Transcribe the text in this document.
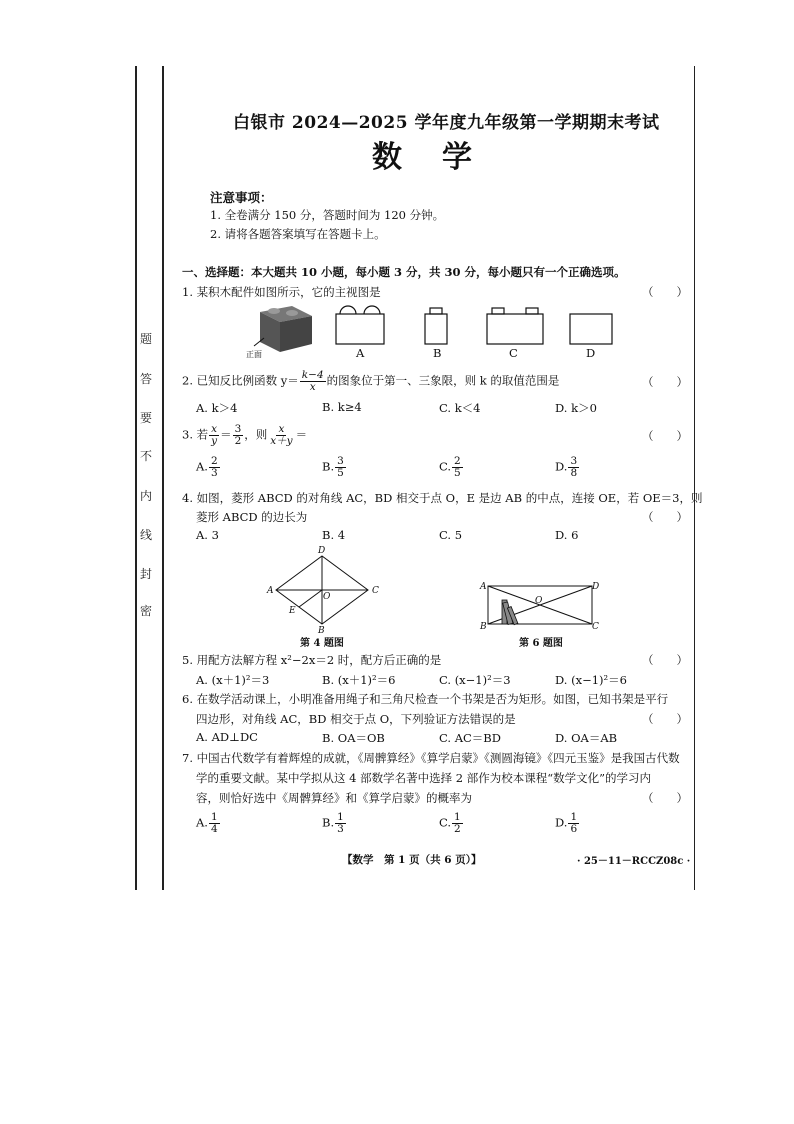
题
答
要
不
内
线
封
密
白银市 2024—2025 学年度九年级第一学期期末考试
数学
注意事项：
1. 全卷满分 150 分，答题时间为 120 分钟。
2. 请将各题答案填写在答题卡上。
一、选择题：本大题共 10 小题，每小题 3 分，共 30 分，每小题只有一个正确选项。
1. 某积木配件如图所示，它的主视图是	（　　）
正面	A	B	C	D
2. 已知反比例函数 $y= \frac{k-4}{x}$ 的图象位于第一、三象限，则 k 的取值范围是	（　　）
A. k＞4	B. k≥4	C. k＜4	D. k＞0
3. 若 $\frac{x}{y} = \frac{3}{2}$ ，则 $\frac{x}{x+y}$ ＝	（　　）
A. $\frac{2}{3}$	B. $\frac{3}{5}$	C. $\frac{2}{5}$	D. $\frac{3}{8}$
4. 如图，菱形 ABCD 的对角线 AC，BD 相交于点 O，E 是边 AB 的中点，连接 OE，若 OE＝3，则
菱形 ABCD 的边长为	（　　）
A. 3	B. 4	C. 5	D. 6
D
A	C
O
E
B
第 4 题图
A	D
O
B	C
第 6 题图
5. 用配方法解方程 x²−2x＝2 时，配方后正确的是	（　　）
A. (x＋1)²＝3	B. (x＋1)²＝6	C. (x−1)²＝3	D. (x−1)²＝6
6. 在数学活动课上，小明准备用绳子和三角尺检查一个书架是否为矩形。如图，已知书架是平行
四边形，对角线 AC，BD 相交于点 O，下列验证方法错误的是	（　　）
A. AD⊥DC	B. OA＝OB	C. AC＝BD	D. OA＝AB
7. 中国古代数学有着辉煌的成就，《周髀算经》《算学启蒙》《测圆海镜》《四元玉鉴》是我国古代数
学的重要文献。某中学拟从这 4 部数学名著中选择 2 部作为校本课程“数学文化”的学习内
容，则恰好选中《周髀算经》和《算学启蒙》的概率为	（　　）
A. $\frac{1}{4}$	B. $\frac{1}{3}$	C. $\frac{1}{2}$	D. $\frac{1}{6}$
【数学　第 1 页（共 6 页）】	· 25－11－RCCZ08c ·
